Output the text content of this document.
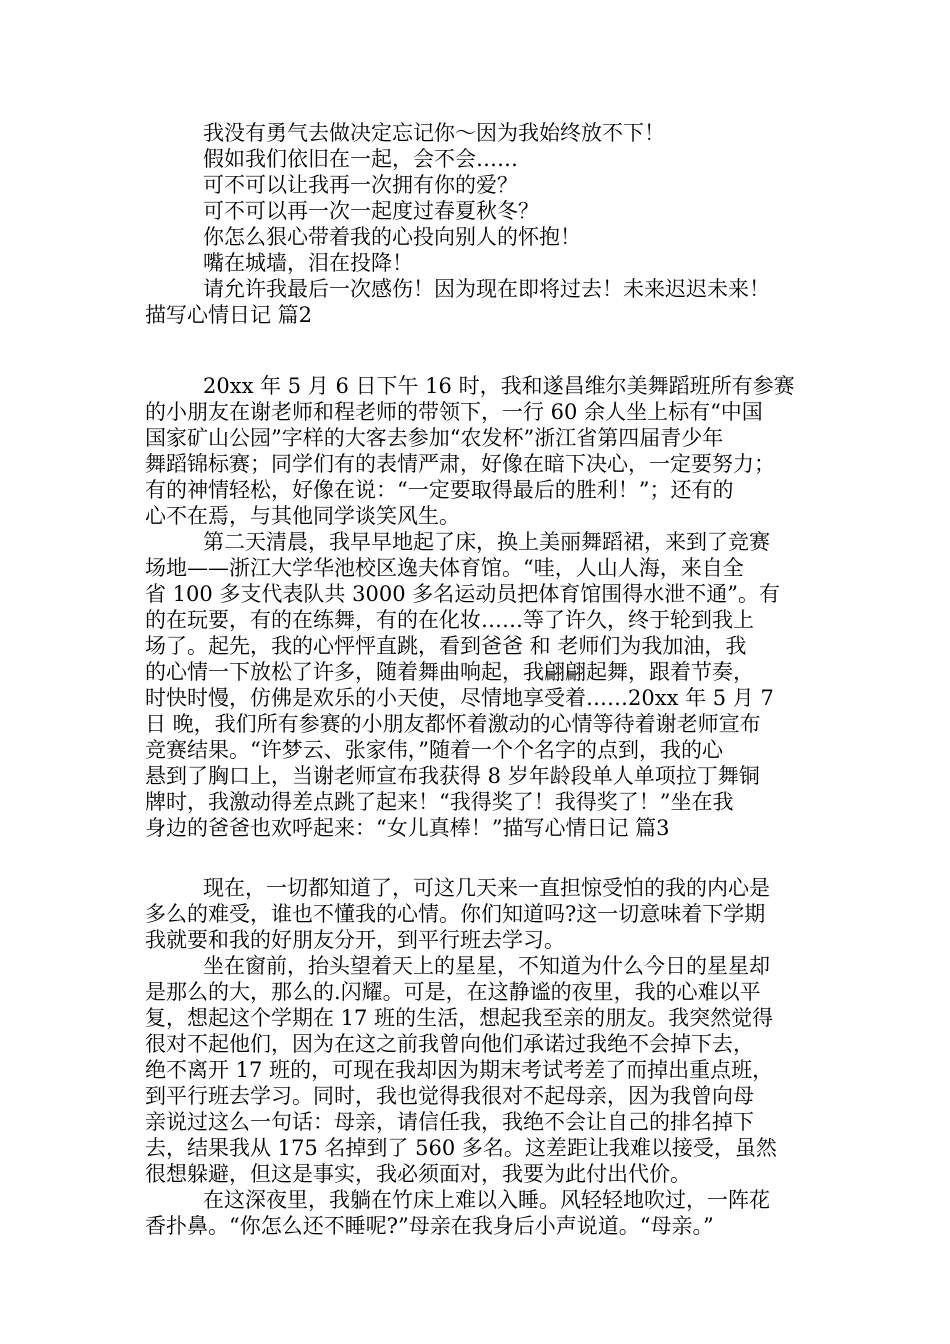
我没有勇气去做决定忘记你～因为我始终放不下！
假如我们依旧在一起，会不会……
可不可以让我再一次拥有你的爱？
可不可以再一次一起度过春夏秋冬？
你怎么狠心带着我的心投向别人的怀抱！
嘴在城墙，泪在投降！
请允许我最后一次感伤！因为现在即将过去！未来迟迟未来！
描写心情日记 篇2
20xx 年 5 月 6 日下午 16 时，我和遂昌维尔美舞蹈班所有参赛
的小朋友在谢老师和程老师的带领下，一行 60 余人坐上标有“中国
国家矿山公园”字样的大客去参加“农发杯”浙江省第四届青少年
舞蹈锦标赛；同学们有的表情严肃，好像在暗下决心，一定要努力；
有的神情轻松，好像在说：“一定要取得最后的胜利！”；还有的
心不在焉，与其他同学谈笑风生。
第二天清晨，我早早地起了床，换上美丽舞蹈裙，来到了竞赛
场地——浙江大学华池校区逸夫体育馆。“哇，人山人海，来自全
省 100 多支代表队共 3000 多名运动员把体育馆围得水泄不通”。有
的在玩要，有的在练舞，有的在化妆……等了许久，终于轮到我上
场了。起先，我的心怦怦直跳，看到爸爸 和 老师们为我加油，我
的心情一下放松了许多，随着舞曲响起，我翩翩起舞，跟着节奏，
时快时慢，仿佛是欢乐的小天使，尽情地享受着……20xx 年 5 月 7
日 晚，我们所有参赛的小朋友都怀着激动的心情等待着谢老师宣布
竞赛结果。“许梦云、张家伟，”随着一个个名字的点到，我的心
悬到了胸口上，当谢老师宣布我获得 8 岁年龄段单人单项拉丁舞铜
牌时，我激动得差点跳了起来！“我得奖了！我得奖了！”坐在我
身边的爸爸也欢呼起来：“女儿真棒！”描写心情日记 篇3
现在，一切都知道了，可这几天来一直担惊受怕的我的内心是
多么的难受，谁也不懂我的心情。你们知道吗?这一切意味着下学期
我就要和我的好朋友分开，到平行班去学习。
坐在窗前，抬头望着天上的星星，不知道为什么今日的星星却
是那么的大，那么的.闪耀。可是，在这静谧的夜里，我的心难以平
复，想起这个学期在 17 班的生活，想起我至亲的朋友。我突然觉得
很对不起他们，因为在这之前我曾向他们承诺过我绝不会掉下去，
绝不离开 17 班的，可现在我却因为期末考试考差了而掉出重点班，
到平行班去学习。同时，我也觉得我很对不起母亲，因为我曾向母
亲说过这么一句话：母亲，请信任我，我绝不会让自己的排名掉下
去，结果我从 175 名掉到了 560 多名。这差距让我难以接受，虽然
很想躲避，但这是事实，我必须面对，我要为此付出代价。
在这深夜里，我躺在竹床上难以入睡。风轻轻地吹过，一阵花
香扑鼻。“你怎么还不睡呢?”母亲在我身后小声说道。“母亲。”
